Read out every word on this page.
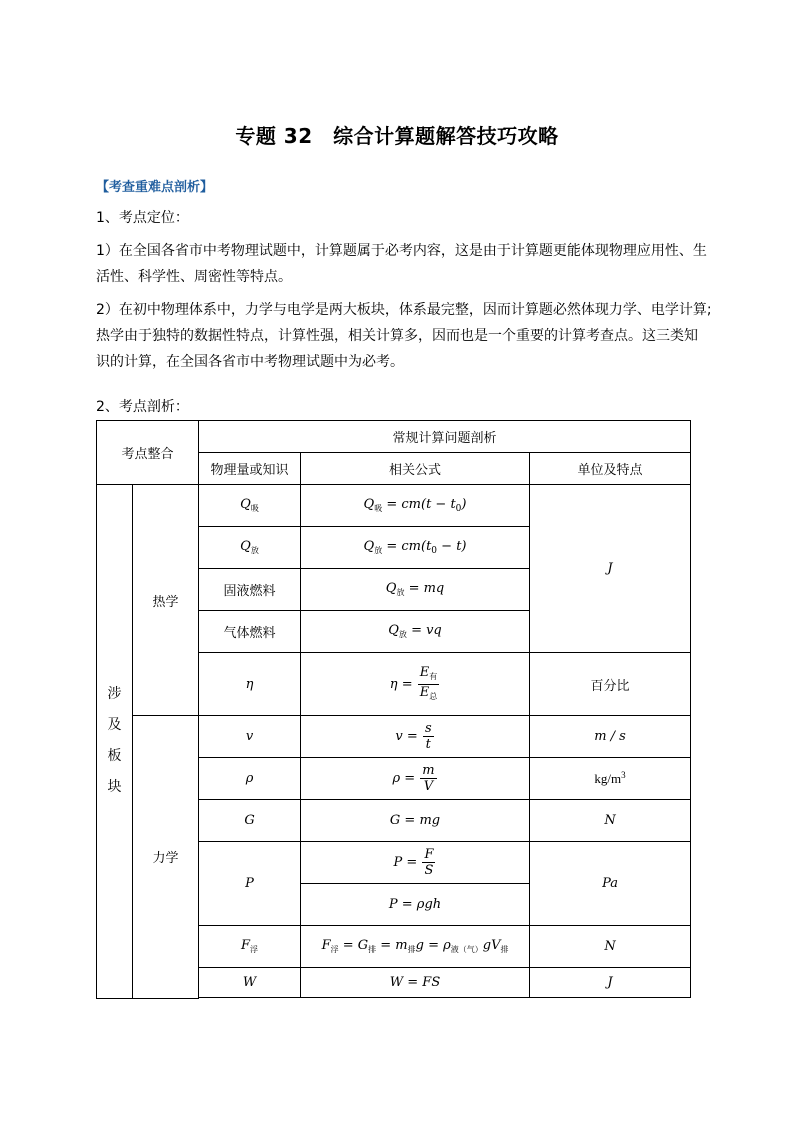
专题 32　综合计算题解答技巧攻略
【考查重难点剖析】
1、考点定位：
1）在全国各省市中考物理试题中，计算题属于必考内容，这是由于计算题更能体现物理应用性、生
活性、科学性、周密性等特点。
2）在初中物理体系中，力学与电学是两大板块，体系最完整，因而计算题必然体现力学、电学计算;
热学由于独特的数据性特点，计算性强，相关计算多，因而也是一个重要的计算考查点。这三类知
识的计算，在全国各省市中考物理试题中为必考。
2、考点剖析：
考点整合		常规计算问题剖析		
		物理量或知识	相关公式	单位及特点
涉及板块	热学	$Q_吸$	$Q_吸 = cm(t - t_0)$	J
		$Q_放$	$Q_放 = cm(t_0 - t)$	
		固液燃料	$Q_放$ = mq	
		气体燃料	$Q_放$ = vq	
		η	$\eta = \frac{E_有}{E_总}$	百分比
	力学	v	$v = \frac{s}{t}$	m / s
		ρ	$\rho = \frac{m}{V}$	$kg/m^3$
		G	G = mg	N
		P	$P = \frac{F}{S}$	Pa
			P = ρgh	
		$F_浮$	$F_浮 = G_排 = m_排g = \rho_{液(气)}gV_排$	N
		W	W = FS	J
